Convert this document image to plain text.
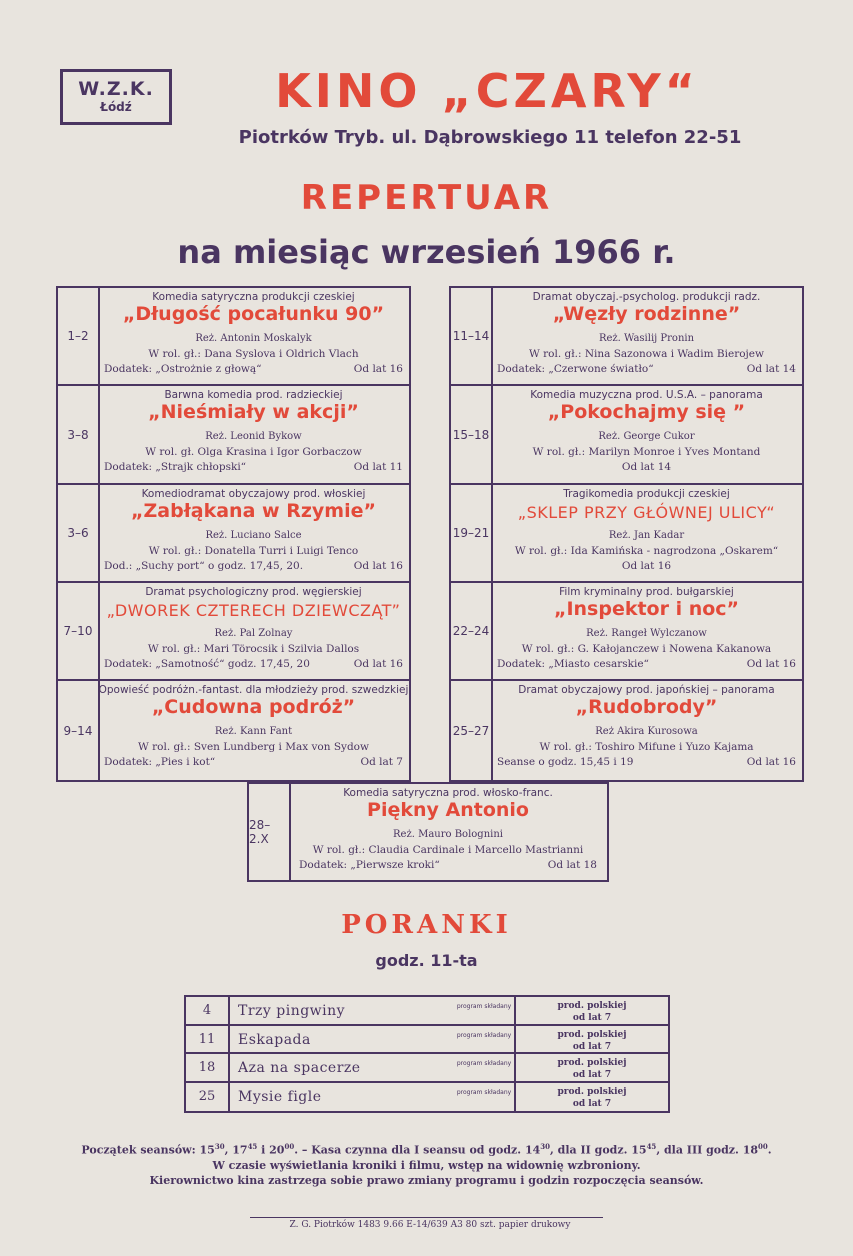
W.Z.K.
Łódź	KINO „CZARY“
Piotrków Tryb. ul. Dąbrowskiego 11 telefon 22-51
REPERTUAR
na miesiąc wrzesień 1966 r.
1–2
Komedia satyryczna produkcji czeskiej
„Długość pocałunku 90”
Reż. Antonin Moskalyk
W rol. gł.: Dana Syslova i Oldrich Vlach
Dodatek: „Ostrożnie z głową“	Od lat 16
3–8
Barwna komedia prod. radzieckiej
„Nieśmiały w akcji”
Reż. Leonid Bykow
W rol. gł. Olga Krasina i Igor Gorbaczow
Dodatek: „Strajk chłopski“	Od lat 11
3–6
Komediodramat obyczajowy prod. włoskiej
„Zabłąkana w Rzymie”
Reż. Luciano Salce
W rol. gł.: Donatella Turri i Luigi Tenco
Dod.: „Suchy port“ o godz. 17,45, 20.	Od lat 16
7–10
Dramat psychologiczny prod. węgierskiej
„DWOREK CZTERECH DZIEWCZĄT”
Reż. Pal Zolnay
W rol. gł.: Mari Törocsik i Szilvia Dallos
Dodatek: „Samotność“ godz. 17,45, 20	Od lat 16
9–14
Opowieść podróżn.-fantast. dla młodzieży prod. szwedzkiej
„Cudowna podróż”
Reż. Kann Fant
W rol. gł.: Sven Lundberg i Max von Sydow
Dodatek: „Pies i kot“	Od lat 7
11–14
Dramat obyczaj.-psycholog. produkcji radz.
„Węzły rodzinne”
Reż. Wasilij Pronin
W rol. gł.: Nina Sazonowa i Wadim Bierojew
Dodatek: „Czerwone światło“	Od lat 14
15–18
Komedia muzyczna prod. U.S.A. – panorama
„Pokochajmy się ”
Reż. George Cukor
W rol. gł.: Marilyn Monroe i Yves Montand
Od lat 14
19–21
Tragikomedia produkcji czeskiej
„SKLEP PRZY GŁÓWNEJ ULICY“
Reż. Jan Kadar
W rol. gł.: Ida Kamińska - nagrodzona „Oskarem“
Od lat 16
22–24
Film kryminalny prod. bułgarskiej
„Inspektor i noc”
Reż. Rangeł Wylczanow
W rol. gł.: G. Kałojanczew i Nowena Kakanowa
Dodatek: „Miasto cesarskie“	Od lat 16
25–27
Dramat obyczajowy prod. japońskiej – panorama
„Rudobrody”
Reż Akira Kurosowa
W rol. gł.: Toshiro Mifune i Yuzo Kajama
Seanse o godz. 15,45 i 19	Od lat 16
28–2.X
Komedia satyryczna prod. włosko-franc.
Piękny Antonio
Reż. Mauro Bolognini
W rol. gł.: Claudia Cardinale i Marcello Mastrianni
Dodatek: „Pierwsze kroki“	Od lat 18
PORANKI
godz. 11-ta
4	Trzy pingwiny	program składany	prod. polskiej
od lat 7
11	Eskapada	program składany	prod. polskiej
od lat 7
18	Aza na spacerze	program składany	prod. polskiej
od lat 7
25	Mysie figle	program składany	prod. polskiej
od lat 7
Początek seansów: $15^{30}$, $17^{45}$ i $20^{00}$. – Kasa czynna dla I seansu od godz. $14^{30}$, dla II godz. $15^{45}$, dla III godz. $18^{00}$.
W czasie wyświetlania kroniki i filmu, wstęp na widownię wzbroniony.
Kierownictwo kina zastrzega sobie prawo zmiany programu i godzin rozpoczęcia seansów.
Z. G. Piotrków 1483 9.66 E-14/639 A3 80 szt. papier drukowy
